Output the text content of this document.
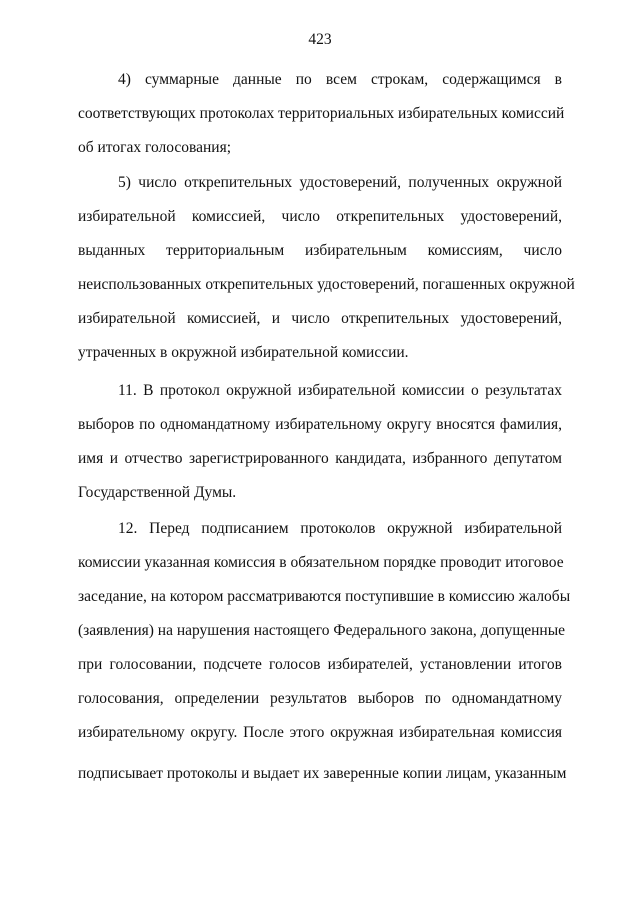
423
4) суммарные данные по всем строкам, содержащимся в
соответствующих протоколах территориальных избирательных комиссий
об итогах голосования;
5) число открепительных удостоверений, полученных окружной
избирательной комиссией, число открепительных удостоверений,
выданных территориальным избирательным комиссиям, число
неиспользованных открепительных удостоверений, погашенных окружной
избирательной комиссией, и число открепительных удостоверений,
утраченных в окружной избирательной комиссии.
11. В протокол окружной избирательной комиссии о результатах
выборов по одномандатному избирательному округу вносятся фамилия,
имя и отчество зарегистрированного кандидата, избранного депутатом
Государственной Думы.
12. Перед подписанием протоколов окружной избирательной
комиссии указанная комиссия в обязательном порядке проводит итоговое
заседание, на котором рассматриваются поступившие в комиссию жалобы
(заявления) на нарушения настоящего Федерального закона, допущенные
при голосовании, подсчете голосов избирателей, установлении итогов
голосования, определении результатов выборов по одномандатному
избирательному округу. После этого окружная избирательная комиссия
подписывает протоколы и выдает их заверенные копии лицам, указанным
